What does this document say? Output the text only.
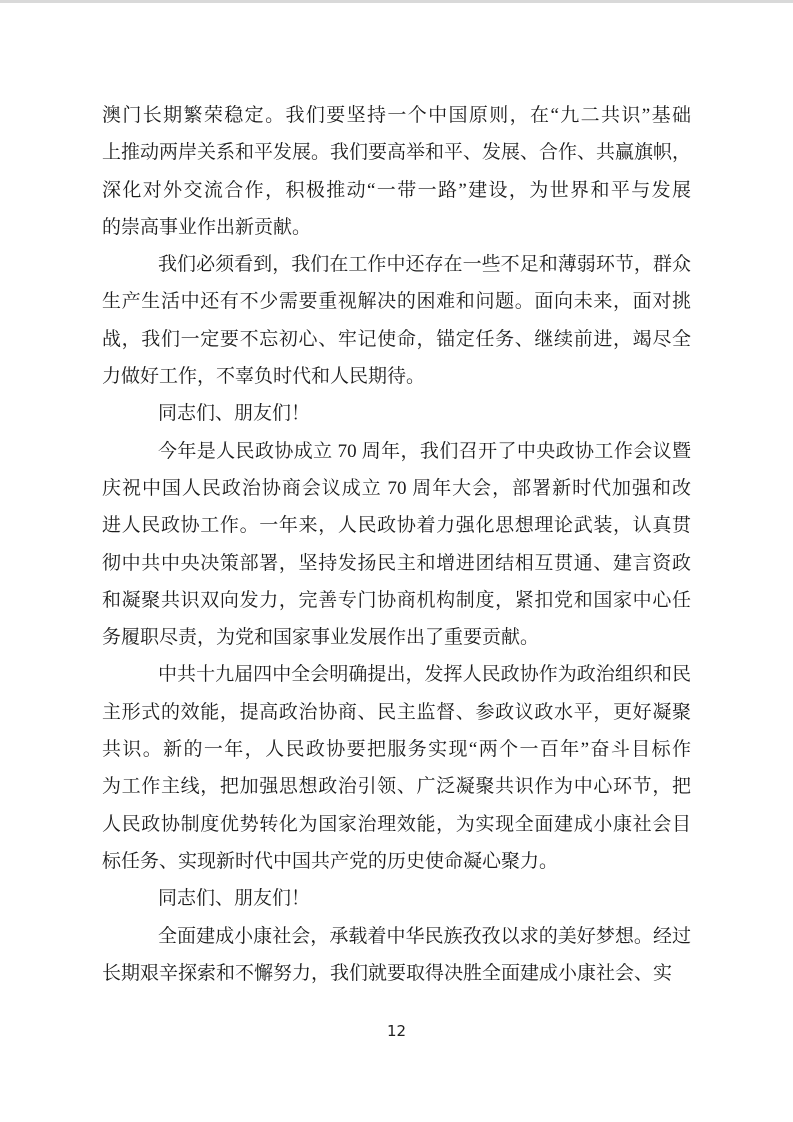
澳门长期繁荣稳定。我们要坚持一个中国原则，在“九二共识”基础
上推动两岸关系和平发展。我们要高举和平、发展、合作、共赢旗帜，
深化对外交流合作，积极推动“一带一路”建设，为世界和平与发展
的崇高事业作出新贡献。
我们必须看到，我们在工作中还存在一些不足和薄弱环节，群众
生产生活中还有不少需要重视解决的困难和问题。面向未来，面对挑
战，我们一定要不忘初心、牢记使命，锚定任务、继续前进，竭尽全
力做好工作，不辜负时代和人民期待。
同志们、朋友们！
今年是人民政协成立 70 周年，我们召开了中央政协工作会议暨
庆祝中国人民政治协商会议成立 70 周年大会，部署新时代加强和改
进人民政协工作。一年来，人民政协着力强化思想理论武装，认真贯
彻中共中央决策部署，坚持发扬民主和增进团结相互贯通、建言资政
和凝聚共识双向发力，完善专门协商机构制度，紧扣党和国家中心任
务履职尽责，为党和国家事业发展作出了重要贡献。
中共十九届四中全会明确提出，发挥人民政协作为政治组织和民
主形式的效能，提高政治协商、民主监督、参政议政水平，更好凝聚
共识。新的一年，人民政协要把服务实现“两个一百年”奋斗目标作
为工作主线，把加强思想政治引领、广泛凝聚共识作为中心环节，把
人民政协制度优势转化为国家治理效能，为实现全面建成小康社会目
标任务、实现新时代中国共产党的历史使命凝心聚力。
同志们、朋友们！
全面建成小康社会，承载着中华民族孜孜以求的美好梦想。经过
长期艰辛探索和不懈努力，我们就要取得决胜全面建成小康社会、实
12
